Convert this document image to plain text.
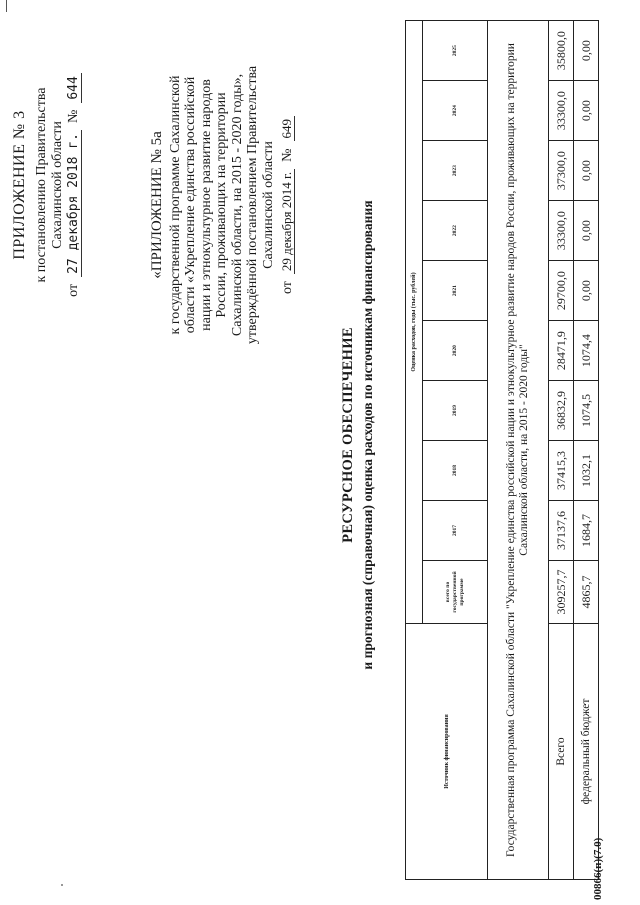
ПРИЛОЖЕНИЕ № 3 к постановлению Правительства Сахалинской области
от  27 декабря 2018 г.  №  644
«ПРИЛОЖЕНИЕ № 5а к государственной программе Сахалинской области «Укрепление единства российской нации и этнокультурное развитие народов России, проживающих на территории Сахалинской области, на 2015 - 2020 годы», утверждённой постановлением Правительства Сахалинской области
от  29 декабря 2014 г.  №  649
РЕСУРСНОЕ ОБЕСПЕЧЕНИЕ и прогнозная (справочная) оценка расходов по источникам финансирования
Источник финансирования	Оценка расходов, годы (тыс. рублей)									
	всего по государственной программе	2017	2018	2019	2020	2021	2022	2023	2024	2025
Государственная программа Сахалинской области "Укрепление единства российской нации и этнокультурное развитие народов России, проживающих на территории Сахалинской области, на 2015 - 2020 годы"										
Всего	309257,7	37137,6	37415,3	36832,9	28471,9	29700,0	33300,0	37300,0	33300,0	35800,0
федеральный бюджет	4865,7	1684,7	1032,1	1074,5	1074,4	0,00	0,00	0,00	0,00	0,00
00866(п)(7.0)
